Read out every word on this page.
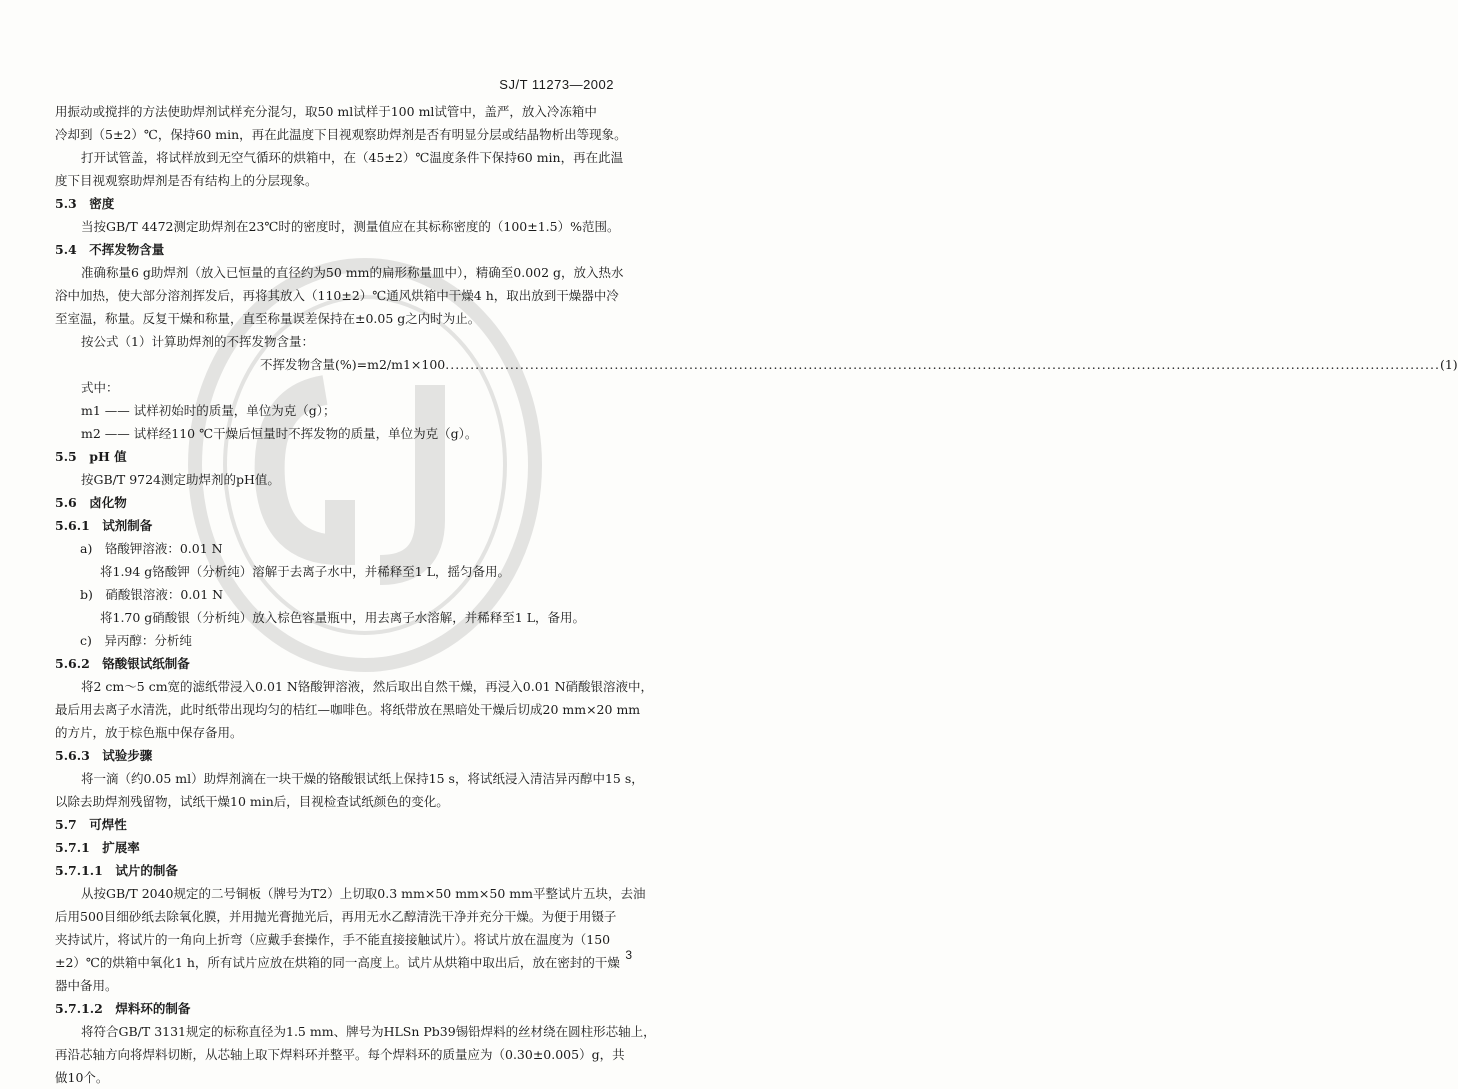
SJ/T 11273—2002
用振动或搅拌的方法使助焊剂试样充分混匀，取50 ml试样于100 ml试管中，盖严，放入冷冻箱中
冷却到（5±2）℃，保持60 min，再在此温度下目视观察助焊剂是否有明显分层或结晶物析出等现象。
打开试管盖，将试样放到无空气循环的烘箱中，在（45±2）℃温度条件下保持60 min，再在此温
度下目视观察助焊剂是否有结构上的分层现象。
5.3　密度
当按GB/T 4472测定助焊剂在23℃时的密度时，测量值应在其标称密度的（100±1.5）%范围。
5.4　不挥发物含量
准确称量6 g助焊剂（放入已恒量的直径约为50 mm的扁形称量皿中），精确至0.002 g，放入热水
浴中加热，使大部分溶剂挥发后，再将其放入（110±2）℃通风烘箱中干燥4 h，取出放到干燥器中冷
至室温，称量。反复干燥和称量，直至称量误差保持在±0.05 g之内时为止。
按公式（1）计算助焊剂的不挥发物含量：
不挥发物含量(%)=m2/m1×100 ........................................................................................................................................................................................................ (1)
式中：
m1 —— 试样初始时的质量，单位为克（g）；
m2 —— 试样经110 ℃干燥后恒量时不挥发物的质量，单位为克（g）。
5.5　pH 值
按GB/T 9724测定助焊剂的pH值。
5.6　卤化物
5.6.1　试剂制备
a)　铬酸钾溶液：0.01 N
将1.94 g铬酸钾（分析纯）溶解于去离子水中，并稀释至1 L，摇匀备用。
b)　硝酸银溶液：0.01 N
将1.70 g硝酸银（分析纯）放入棕色容量瓶中，用去离子水溶解，并稀释至1 L，备用。
c)　异丙醇：分析纯
5.6.2　铬酸银试纸制备
将2 cm～5 cm宽的滤纸带浸入0.01 N铬酸钾溶液，然后取出自然干燥，再浸入0.01 N硝酸银溶液中，
最后用去离子水清洗，此时纸带出现均匀的桔红—咖啡色。将纸带放在黑暗处干燥后切成20 mm×20 mm
的方片，放于棕色瓶中保存备用。
5.6.3　试验步骤
将一滴（约0.05 ml）助焊剂滴在一块干燥的铬酸银试纸上保持15 s，将试纸浸入清洁异丙醇中15 s，
以除去助焊剂残留物，试纸干燥10 min后，目视检查试纸颜色的变化。
5.7　可焊性
5.7.1　扩展率
5.7.1.1　试片的制备
从按GB/T 2040规定的二号铜板（牌号为T2）上切取0.3 mm×50 mm×50 mm平整试片五块，去油
后用500目细砂纸去除氧化膜，并用抛光膏抛光后，再用无水乙醇清洗干净并充分干燥。为便于用镊子
夹持试片，将试片的一角向上折弯（应戴手套操作，手不能直接接触试片）。将试片放在温度为（150
±2）℃的烘箱中氧化1 h，所有试片应放在烘箱的同一高度上。试片从烘箱中取出后，放在密封的干燥
器中备用。
5.7.1.2　焊料环的制备
将符合GB/T 3131规定的标称直径为1.5 mm、牌号为HLSn Pb39锡铅焊料的丝材绕在圆柱形芯轴上，
再沿芯轴方向将焊料切断，从芯轴上取下焊料环并整平。每个焊料环的质量应为（0.30±0.005）g，共
做10个。
3
